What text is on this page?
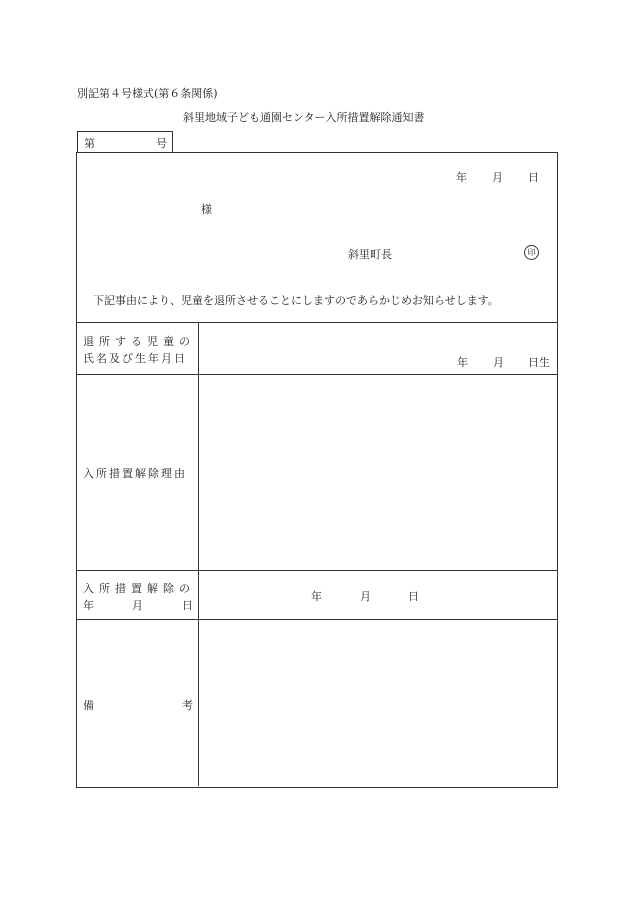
別記第４号様式(第６条関係)
斜里地域子ども通園センター入所措置解除通知書
第	号
年 月 日
様
斜里町長	印
下記事由により、児童を退所させることにしますのであらかじめお知らせします。
退所する児童の
氏名及び生年月日	年 月 日生
入所措置解除理由
入所措置解除の
年	月	日
年	月	日
備	考
